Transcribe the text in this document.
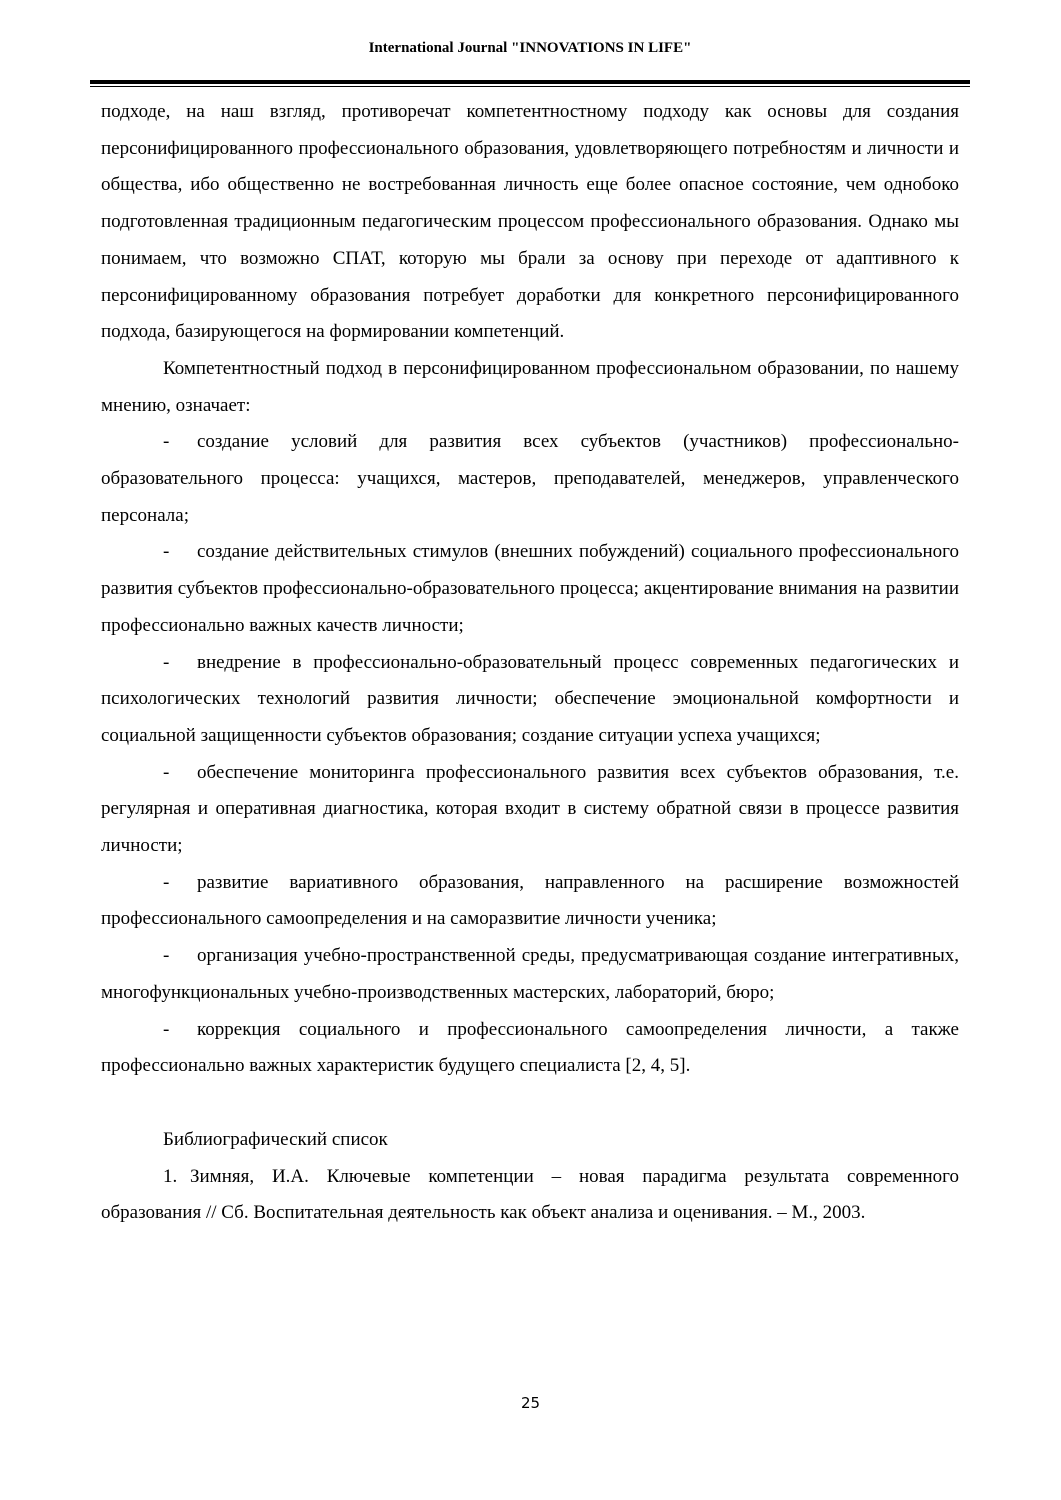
International Journal "INNOVATIONS IN LIFE"

подходе, на наш взгляд, противоречат компетентностному подходу как основы для создания персонифицированного профессионального образования, удовлетворяющего потребностям и личности и общества, ибо общественно не востребованная личность еще более опасное состояние, чем однобоко подготовленная традиционным педагогическим процессом профессионального образования. Однако мы понимаем, что возможно СПАТ, которую мы брали за основу при переходе от адаптивного к персонифицированному образования потребует доработки для конкретного персонифицированного подхода, базирующегося на формировании компетенций.

Компетентностный подход в персонифицированном профессиональном образовании, по нашему мнению, означает:

- создание условий для развития всех субъектов (участников) профессионально-образовательного процесса: учащихся, мастеров, преподавателей, менеджеров, управленческого персонала;

- создание действительных стимулов (внешних побуждений) социального профессионального развития субъектов профессионально-образовательного процесса; акцентирование внимания на развитии профессионально важных качеств личности;

- внедрение в профессионально-образовательный процесс современных педагогических и психологических технологий развития личности; обеспечение эмоциональной комфортности и социальной защищенности субъектов образования; создание ситуации успеха учащихся;

- обеспечение мониторинга профессионального развития всех субъектов образования, т.е. регулярная и оперативная диагностика, которая входит в систему обратной связи в процессе развития личности;

- развитие вариативного образования, направленного на расширение возможностей профессионального самоопределения и на саморазвитие личности ученика;

- организация учебно-пространственной среды, предусматривающая создание интегративных, многофункциональных учебно-производственных мастерских, лабораторий, бюро;

- коррекция социального и профессионального самоопределения личности, а также профессионально важных характеристик будущего специалиста [2, 4, 5].

Библиографический список

1. Зимняя, И.А. Ключевые компетенции – новая парадигма результата современного образования // Сб. Воспитательная деятельность как объект анализа и оценивания. – М., 2003.

25
